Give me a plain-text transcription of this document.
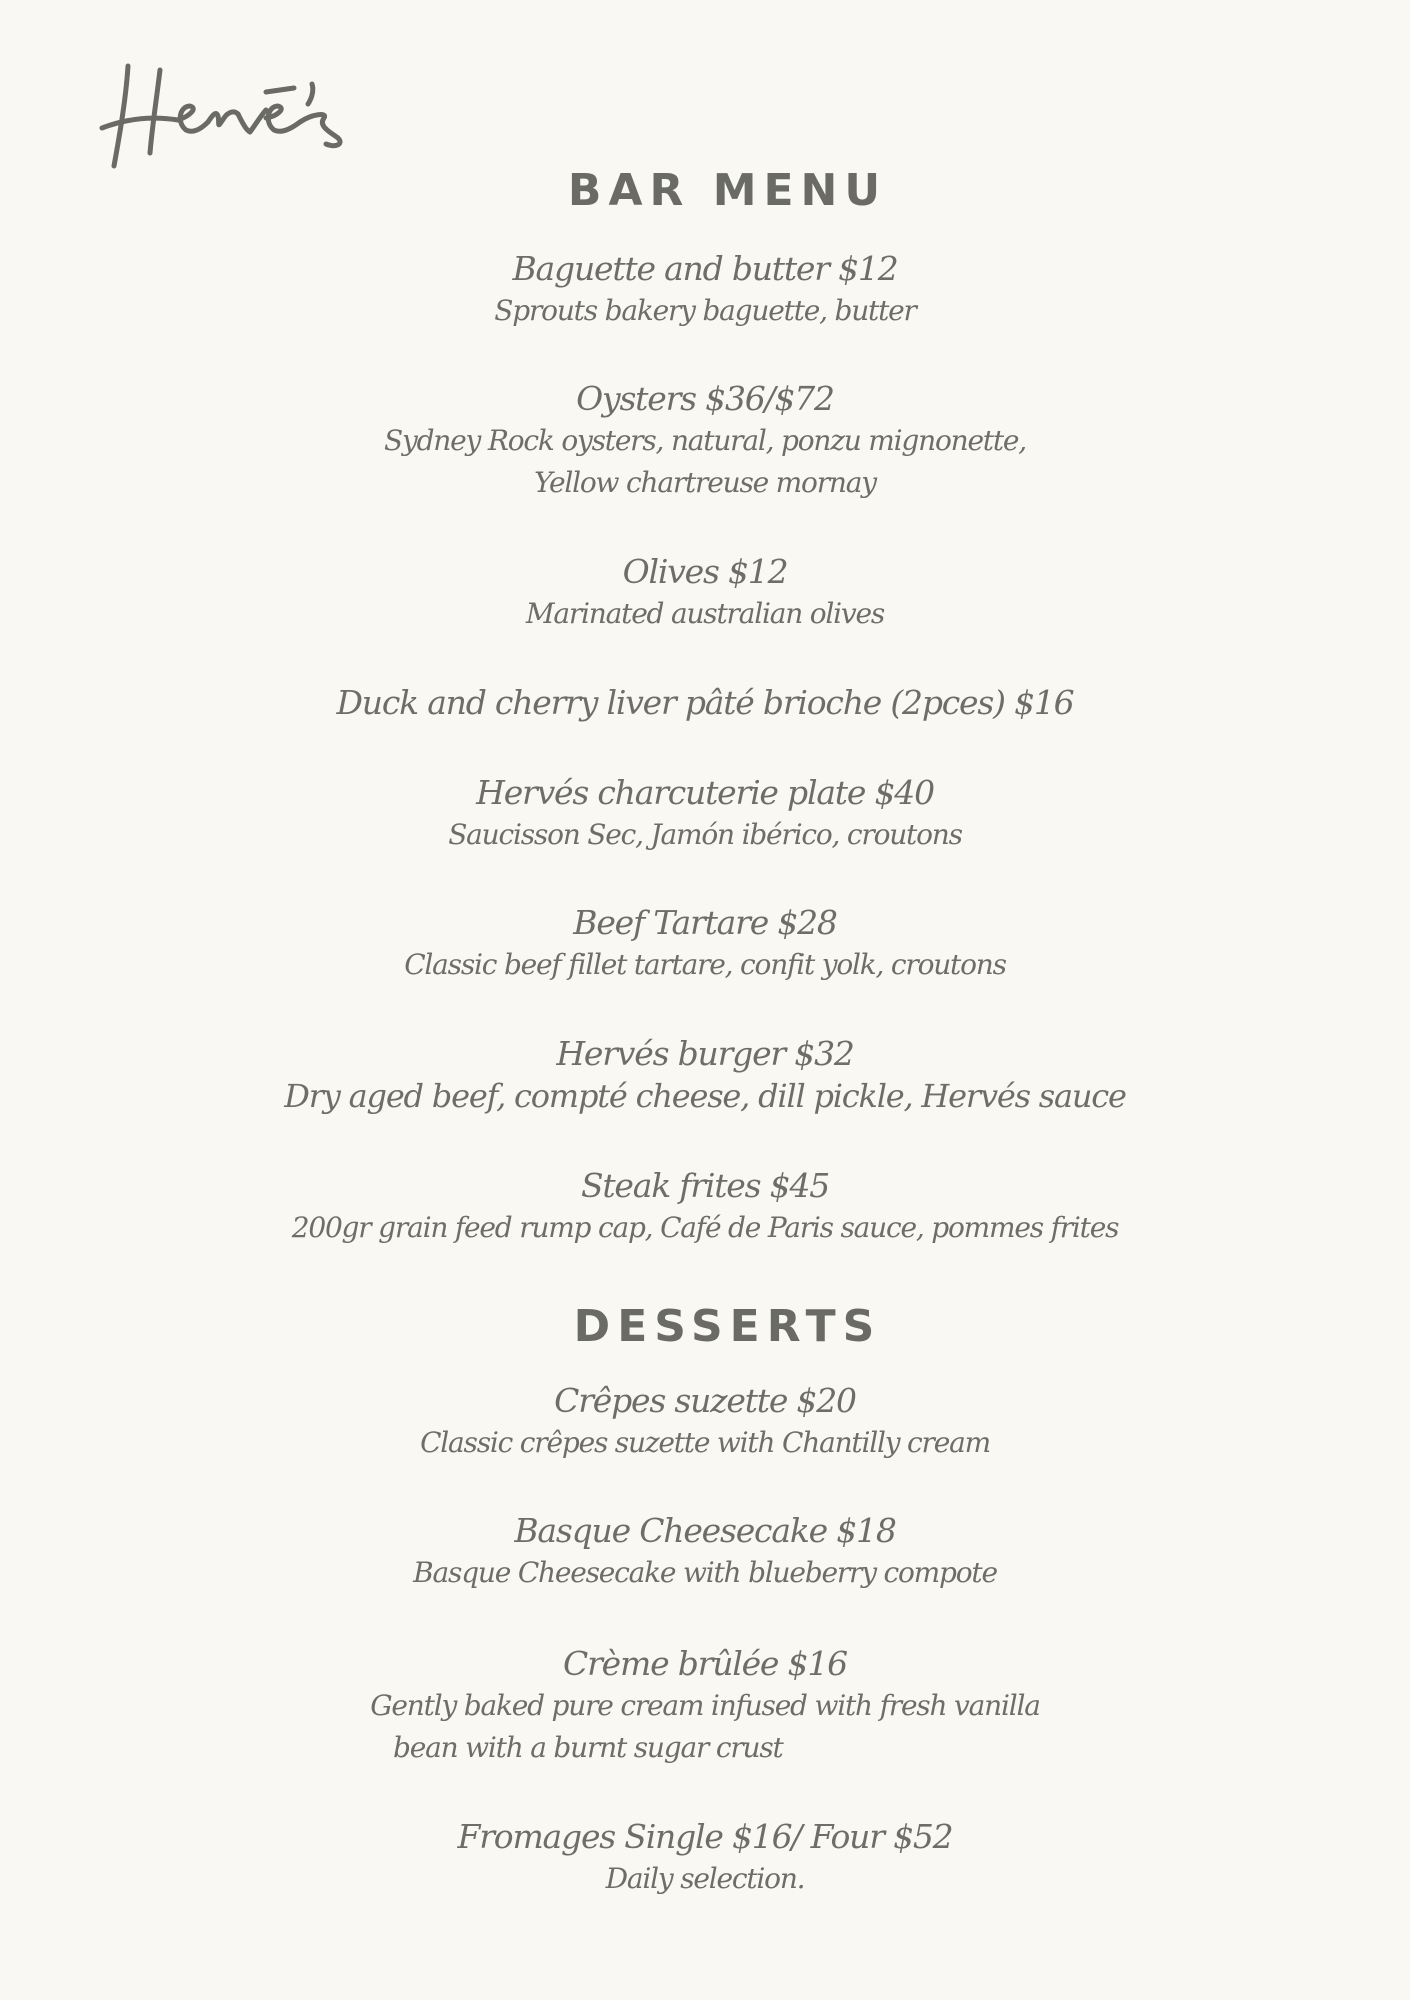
BAR MENU
Baguette and butter $12
Sprouts bakery baguette, butter
Oysters $36/$72
Sydney Rock oysters, natural, ponzu mignonette,
Yellow chartreuse mornay
Olives $12
Marinated australian olives
Duck and cherry liver pâté brioche (2pces) $16
Hervés charcuterie plate $40
Saucisson Sec, Jamón ibérico, croutons
Beef Tartare $28
Classic beef fillet tartare, confit yolk, croutons
Hervés burger $32
Dry aged beef, compté cheese, dill pickle, Hervés sauce
Steak frites $45
200gr grain feed rump cap, Café de Paris sauce, pommes frites
DESSERTS
Crêpes suzette $20
Classic crêpes suzette with Chantilly cream
Basque Cheesecake $18
Basque Cheesecake with blueberry compote
Crème brûlée $16
Gently baked pure cream infused with fresh vanilla
bean with a burnt sugar crust
Fromages Single $16/ Four $52
Daily selection.
